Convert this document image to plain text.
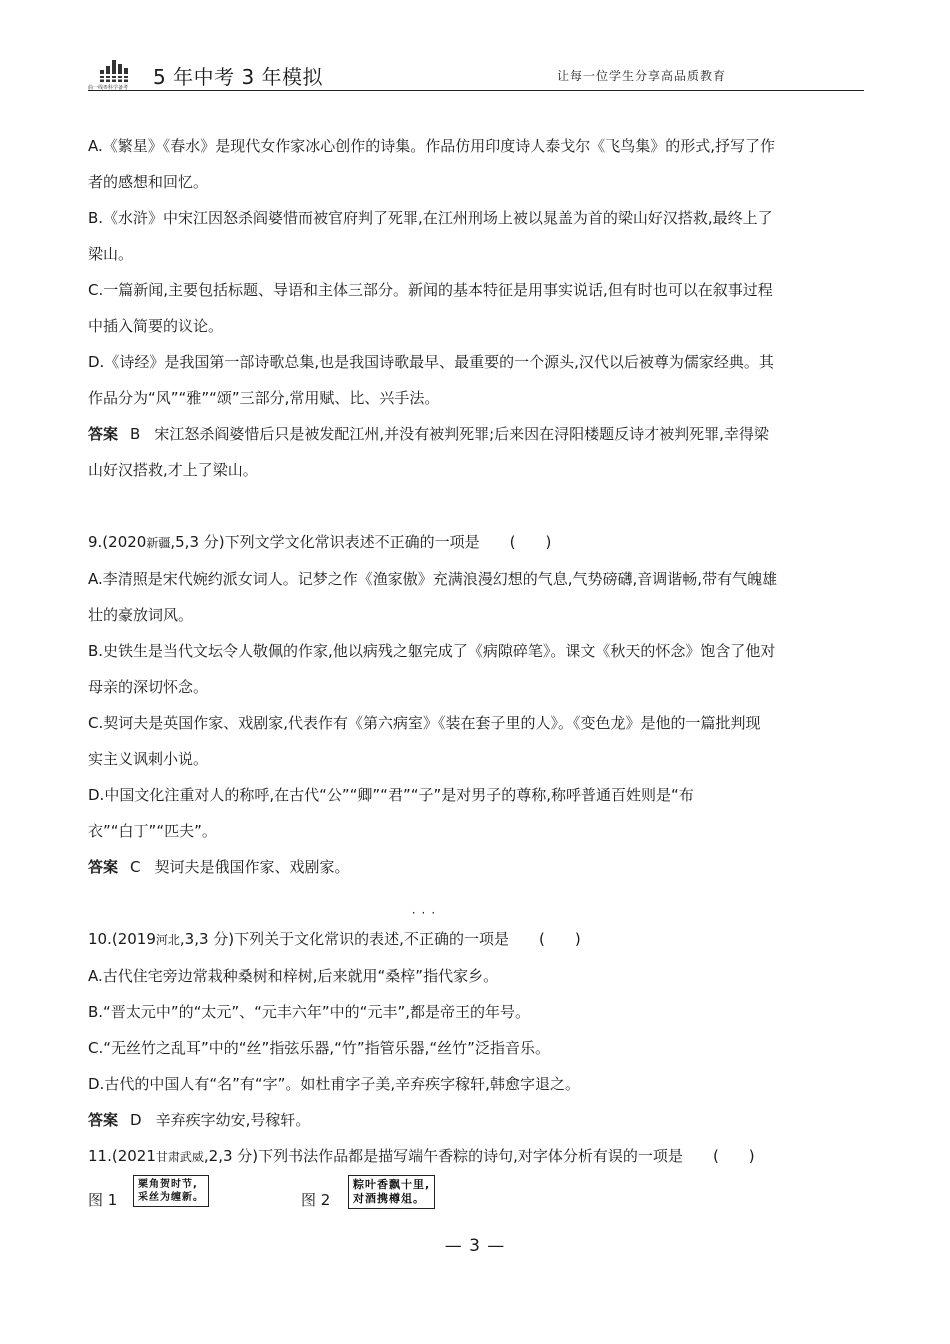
曲一线®科学备考 5 年中考 3 年模拟	让每一位学生分享高品质教育

A.《繁星》《春水》是现代女作家冰心创作的诗集。作品仿用印度诗人泰戈尔《飞鸟集》的形式,抒写了作
者的感想和回忆。

B.《水浒》中宋江因怒杀阎婆惜而被官府判了死罪,在江州刑场上被以晁盖为首的梁山好汉搭救,最终上了
梁山。

C.一篇新闻,主要包括标题、导语和主体三部分。新闻的基本特征是用事实说话,但有时也可以在叙事过程
中插入简要的议论。

D.《诗经》是我国第一部诗歌总集,也是我国诗歌最早、最重要的一个源头,汉代以后被尊为儒家经典。其
作品分为“风”“雅”“颂”三部分,常用赋、比、兴手法。

答案 B 宋江怒杀阎婆惜后只是被发配江州,并没有被判死罪;后来因在浔阳楼题反诗才被判死罪,幸得梁
山好汉搭救,才上了梁山。

9.(2020新疆,5,3 分)下列文学文化常识表述不正确的一项是 (　　)

A.李清照是宋代婉约派女词人。记梦之作《渔家傲》充满浪漫幻想的气息,气势磅礴,音调谐畅,带有气魄雄
壮的豪放词风。

B.史铁生是当代文坛令人敬佩的作家,他以病残之躯完成了《病隙碎笔》。课文《秋天的怀念》饱含了他对
母亲的深切怀念。

C.契诃夫是英国作家、戏剧家,代表作有《第六病室》《装在套子里的人》。《变色龙》是他的一篇批判现
实主义讽刺小说。

D.中国文化注重对人的称呼,在古代“公”“卿”“君”“子”是对男子的尊称,称呼普通百姓则是“布
衣”“白丁”“匹夫”。

答案 C 契诃夫是俄国作家、戏剧家。

10.(2019河北,3,3 分)下列关于文化常识的表述,
···
不正确的一项是 (　　)

A.古代住宅旁边常栽种桑树和梓树,后来就用“桑梓”指代家乡。

B.“晋太元中”的“太元”、“元丰六年”中的“元丰”,都是帝王的年号。

C.“无丝竹之乱耳”中的“丝”指弦乐器,“竹”指管乐器,“丝竹”泛指音乐。

D.古代的中国人有“名”有“字”。如杜甫字子美,辛弃疾字稼轩,韩愈字退之。

答案 D 辛弃疾字幼安,号稼轩。

11.(2021甘肃武威,2,3 分)下列书法作品都是描写端午香粽的诗句,对字体分析有误的一项是 (　　)

图 1
䅇角贺时节,
采丝为缠新。	图 2
粽叶香飘十里,
对酒携樽俎。
— 3 —
